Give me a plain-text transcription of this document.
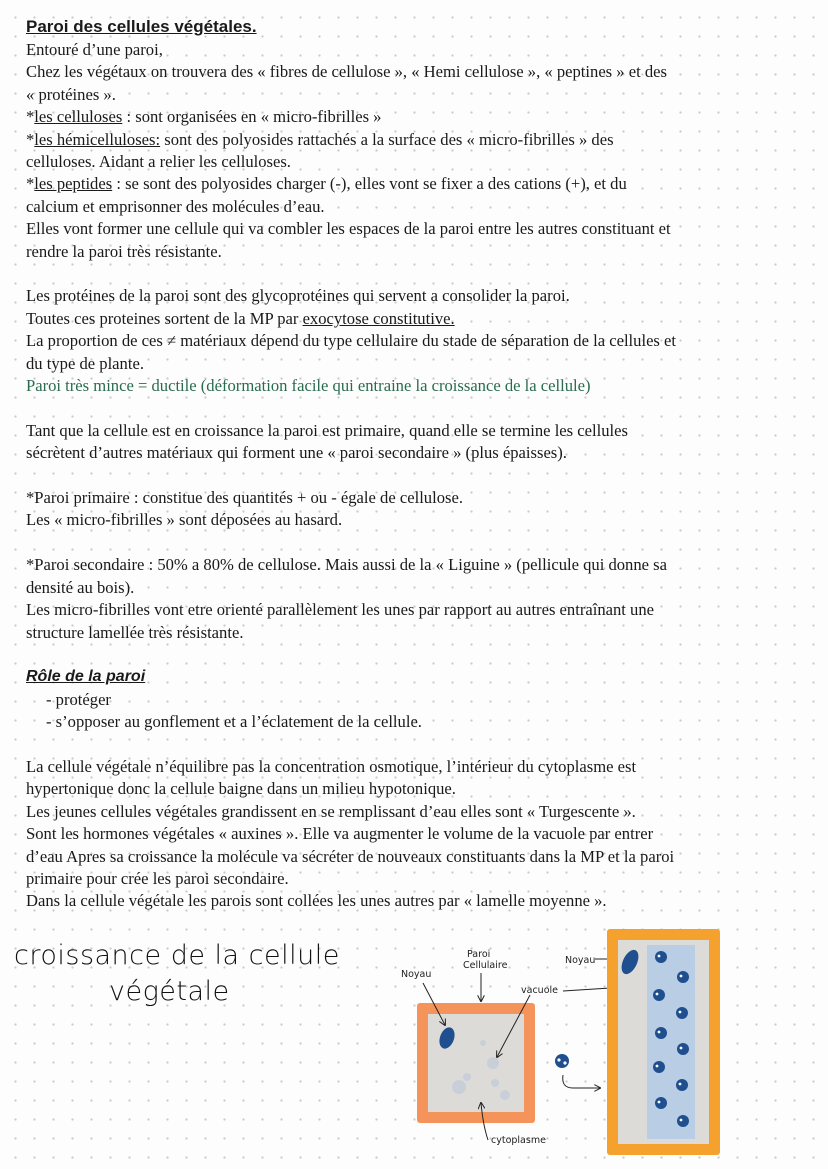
Paroi des cellules végétales.

Entouré d’une paroi,

Chez les végétaux on trouvera des « fibres de cellulose », « Hemi cellulose », « peptines » et des

« protéines ».

*les celluloses : sont organisées en « micro-fibrilles »

*les hémicelluloses: sont des polyosides rattachés a la surface des « micro-fibrilles » des

celluloses. Aidant a relier les celluloses.

*les peptides : se sont des polyosides charger (-), elles vont se fixer a des cations (+), et du

calcium et emprisonner des molécules d’eau.

Elles vont former une cellule qui va combler les espaces de la paroi entre les autres constituant et

rendre la paroi très résistante.

Les protéines de la paroi sont des glycoprotéines qui servent a consolider la paroi.

Toutes ces proteines sortent de la MP par exocytose constitutive.

La proportion de ces ≠ matériaux dépend du type cellulaire du stade de séparation de la cellules et

du type de plante.

Paroi très mince = ductile (déformation facile qui entraine la croissance de la cellule)

Tant que la cellule est en croissance la paroi est primaire, quand elle se termine les cellules

sécrètent d’autres matériaux qui forment une « paroi secondaire » (plus épaisses).

*Paroi primaire : constitue des quantités + ou - égale de cellulose.

Les « micro-fibrilles » sont déposées au hasard.

*Paroi secondaire : 50% a 80% de cellulose. Mais aussi de la « Liguine » (pellicule qui donne sa

densité au bois).

Les micro-fibrilles vont etre orienté parallèlement les unes par rapport au autres entraînant une

structure lamellée très résistante.

Rôle de la paroi

- protéger

- s’opposer au gonflement et a l’éclatement de la cellule.

La cellule végétale n’équilibre pas la concentration osmotique, l’intérieur du cytoplasme est

hypertonique donc la cellule baigne dans un milieu hypotonique.

Les jeunes cellules végétales grandissent en se remplissant d’eau elles sont « Turgescente ».

Sont les hormones végétales « auxines ». Elle va augmenter le volume de la vacuole par entrer

d’eau Apres sa croissance la molécule va sécréter de nouveaux constituants dans la MP et la paroi

primaire pour crée les paroi secondaire.

Dans la cellule végétale les parois sont collées les unes autres par « lamelle moyenne ».

croissance de la cellule
végétale
Paroi
Cellulaire
Noyau
Noyau
vacuole
cytoplasme
